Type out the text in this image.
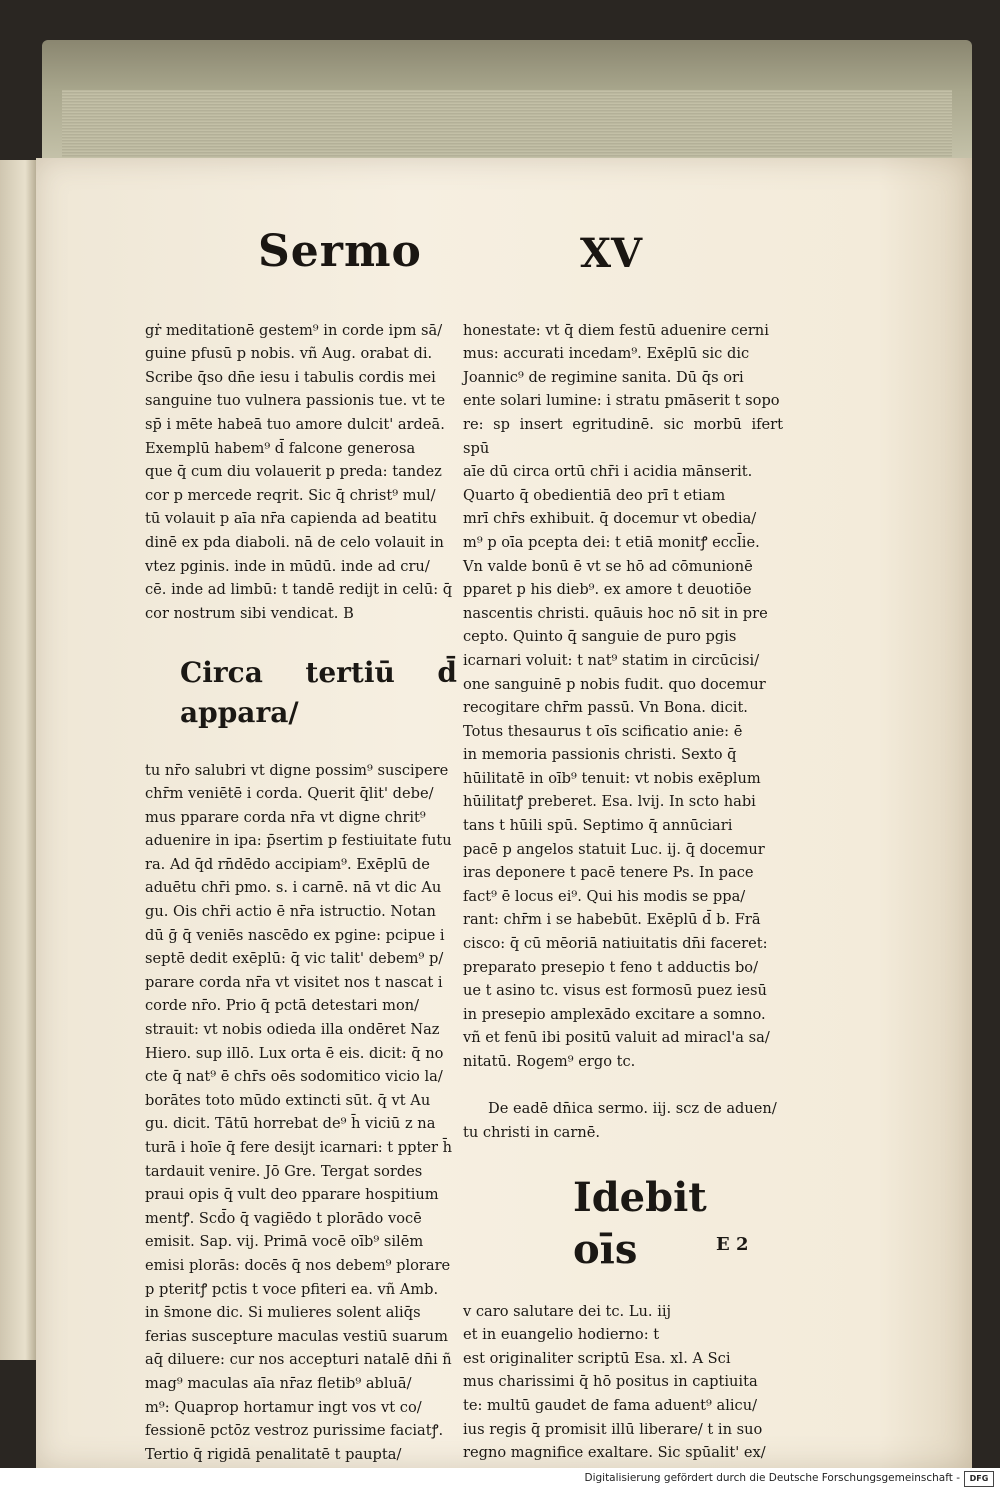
Sermo	XV

gṙ meditationē gestem⁹ in corde ipm sā/
guine pfusū p nobis. vñ Aug. orabat di.
Scribe q̄so dn̄e iesu i tabulis cordis mei
sanguine tuo vulnera passionis tue. vt te
sp̄ i mēte habeā tuo amore dulcit' ardeā.
Exemplū habem⁹ d̄ falcone generosa
que q̄ cum diu volauerit p preda: tandez
cor p mercede reqrit. Sic q̄ christ⁹ mul/
tū volauit p aīa nr̄a capienda ad beatitu
dinē ex pda diaboli. nā de celo volauit in
vtez pginis. inde in mūdū. inde ad cru/
cē. inde ad limbū: t tandē redijt in celū: q̄
cor nostrum sibi vendicat. B

Circa tertiū d̄ appara/

tu nr̄o salubri vt digne possim⁹ suscipere
chr̄m veniētē i corda. Querit q̄lit' debe/
mus pparare corda nr̄a vt digne chrit⁹
aduenire in ipa: p̄sertim p festiuitate futu
ra. Ad q̄d rn̄dēdo accipiam⁹. Exēplū de
aduētu chr̄i pmo. s. i carnē. nā vt dic Au
gu. Ois chr̄i actio ē nr̄a istructio. Notan
dū ḡ q̄ veniēs nascēdo ex pgine: pcipue i
septē dedit exēplū: q̄ vic talit' debem⁹ p/
parare corda nr̄a vt visitet nos t nascat i
corde nr̄o. Prio q̄ pctā detestari mon/
strauit: vt nobis odieda illa ondēret Naz
Hiero. sup illō. Lux orta ē eis. dicit: q̄ no
cte q̄ nat⁹ ē chr̄s oēs sodomitico vicio la/
borātes toto mūdo extincti sūt. q̄ vt Au
gu. dicit. Tātū horrebat de⁹ h̄ viciū z na
turā i hoīe q̄ fere desijt icarnari: t ppter h̄
tardauit venire. Jō Gre. Tergat sordes
praui opis q̄ vult deo pparare hospitium
mentꝭ. Scd̄o q̄ vagiēdo t plorādo vocē
emisit. Sap. vij. Primā vocē oīb⁹ silēm
emisi plorās: docēs q̄ nos debem⁹ plorare
p pteritꝭ pctis t voce pfiteri ea. vñ Amb.
in s̄mone dic. Si mulieres solent aliq̄s
ferias suscepture maculas vestiū suarum
aq̄ diluere: cur nos accepturi natalē dn̄i ñ
mag⁹ maculas aīa nr̄az fletib⁹ abluā/
m⁹: Quaprop hortamur ingt vos vt co/
fessionē pctōz vestroz purissime faciatꝭ.
Tertio q̄ rigidā penalitatē t paupta/

honestate: vt q̄ diem festū aduenire cerni
mus: accurati incedam⁹. Exēplū sic dic
Joannic⁹ de regimine sanita. Dū q̄s ori
ente solari lumine: i stratu pmāserit t sopo
re: sp insert egritudinē. sic morbū ifert spū
aīe dū circa ortū chr̄i i acidia mānserit.
Quarto q̄ obedientiā deo prī t etiam
mrī chr̄s exhibuit. q̄ docemur vt obedia/
m⁹ p oīa pcepta dei: t etiā monitꝭ eccl̄ie.
Vn valde bonū ē vt se hō ad cōmunionē
pparet p his dieb⁹. ex amore t deuotiōe
nascentis christi. quāuis hoc nō sit in pre
cepto. Quinto q̄ sanguie de puro pgis
icarnari voluit: t nat⁹ statim in circūcisi/
one sanguinē p nobis fudit. quo docemur
recogitare chr̄m passū. Vn Bona. dicit.
Totus thesaurus t oīs scificatio anie: ē
in memoria passionis christi. Sexto q̄
hūilitatē in oīb⁹ tenuit: vt nobis exēplum
hūilitatꝭ preberet. Esa. lvij. In scto habi
tans t hūili spū. Septimo q̄ annūciari
pacē p angelos statuit Luc. ij. q̄ docemur
iras deponere t pacē tenere Ps. In pace
fact⁹ ē locus ei⁹. Qui his modis se ppa/
rant: chr̄m i se habebūt. Exēplū d̄ b. Frā
cisco: q̄ cū mēoriā natiuitatis dn̄i faceret:
preparato presepio t feno t adductis bo/
ue t asino tc. visus est formosū puez iesū
in presepio amplexādo excitare a somno.
vñ et fenū ibi positū valuit ad miracl'a sa/
nitatū. Rogem⁹ ergo tc.

De eadē dn̄ica sermo. iij. scz de aduen/
tu christi in carnē.

Idebit oīs

v caro salutare dei tc. Lu. iij
et in euangelio hodierno: t
est originaliter scriptū Esa. xl. A Sci
mus charissimi q̄ hō positus in captiuita
te: multū gaudet de fama aduent⁹ alicu/
ius regis q̄ promisit illū liberare/ t in suo
regno magnifice exaltare. Sic spūalit' ex/

E 2
Digitalisierung gefördert durch die Deutsche Forschungsgemeinschaft -	DFG
